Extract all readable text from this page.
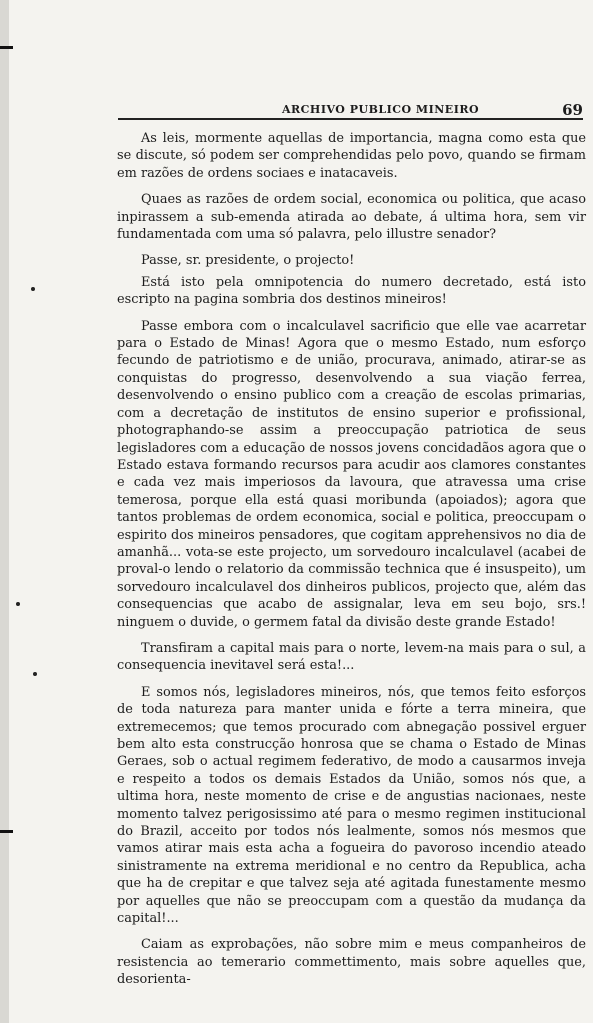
ARCHIVO PUBLICO MINEIRO	69

As leis, mormente aquellas de importancia, magna como esta que se discute, só podem ser comprehendidas pelo povo, quando se firmam em razões de ordens sociaes e inatacaveis.

Quaes as razões de ordem social, economica ou politica, que acaso inpirassem a sub-emenda atirada ao debate, á ultima hora, sem vir fundamentada com uma só palavra, pelo illustre senador?

Passe, sr. presidente, o projecto!

Está isto pela omnipotencia do numero decretado, está isto escripto na pagina sombria dos destinos mineiros!

Passe embora com o incalculavel sacrificio que elle vae acarretar para o Estado de Minas! Agora que o mesmo Estado, num esforço fecundo de patriotismo e de união, procurava, animado, atirar-se as conquistas do progresso, desenvolvendo a sua viação ferrea, desenvolvendo o ensino publico com a creação de escolas primarias, com a decretação de institutos de ensino superior e profissional, photographando-se assim a preoccupação patriotica de seus legisladores com a educação de nossos jovens concidadãos agora que o Estado estava formando recursos para acudir aos clamores constantes e cada vez mais imperiosos da lavoura, que atravessa uma crise temerosa, porque ella está quasi moribunda (apoiados); agora que tantos problemas de ordem economica, social e politica, preoccupam o espirito dos mineiros pensadores, que cogitam apprehensivos no dia de amanhã... vota-se este projecto, um sorvedouro incalculavel (acabei de proval-o lendo o relatorio da commissão technica que é insuspeito), um sorvedouro incalculavel dos dinheiros publicos, projecto que, além das consequencias que acabo de assignalar, leva em seu bojo, srs.! ninguem o duvide, o germem fatal da divisão deste grande Estado!

Transfiram a capital mais para o norte, levem-na mais para o sul, a consequencia inevitavel será esta!...

E somos nós, legisladores mineiros, nós, que temos feito esforços de toda natureza para manter unida e fórte a terra mineira, que extremecemos; que temos procurado com abnegação possivel erguer bem alto esta construcção honrosa que se chama o Estado de Minas Geraes, sob o actual regimem federativo, de modo a causarmos inveja e respeito a todos os demais Estados da União, somos nós que, a ultima hora, neste momento de crise e de angustias nacionaes, neste momento talvez perigosissimo até para o mesmo regimen institucional do Brazil, acceito por todos nós lealmente, somos nós mesmos que vamos atirar mais esta acha a fogueira do pavoroso incendio ateado sinistramente na extrema meridional e no centro da Republica, acha que ha de crepitar e que talvez seja até agitada funestamente mesmo por aquelles que não se preoccupam com a questão da mudança da capital!...

Caiam as exprobações, não sobre mim e meus companheiros de resistencia ao temerario commettimento, mais sobre aquelles que, desorienta-
